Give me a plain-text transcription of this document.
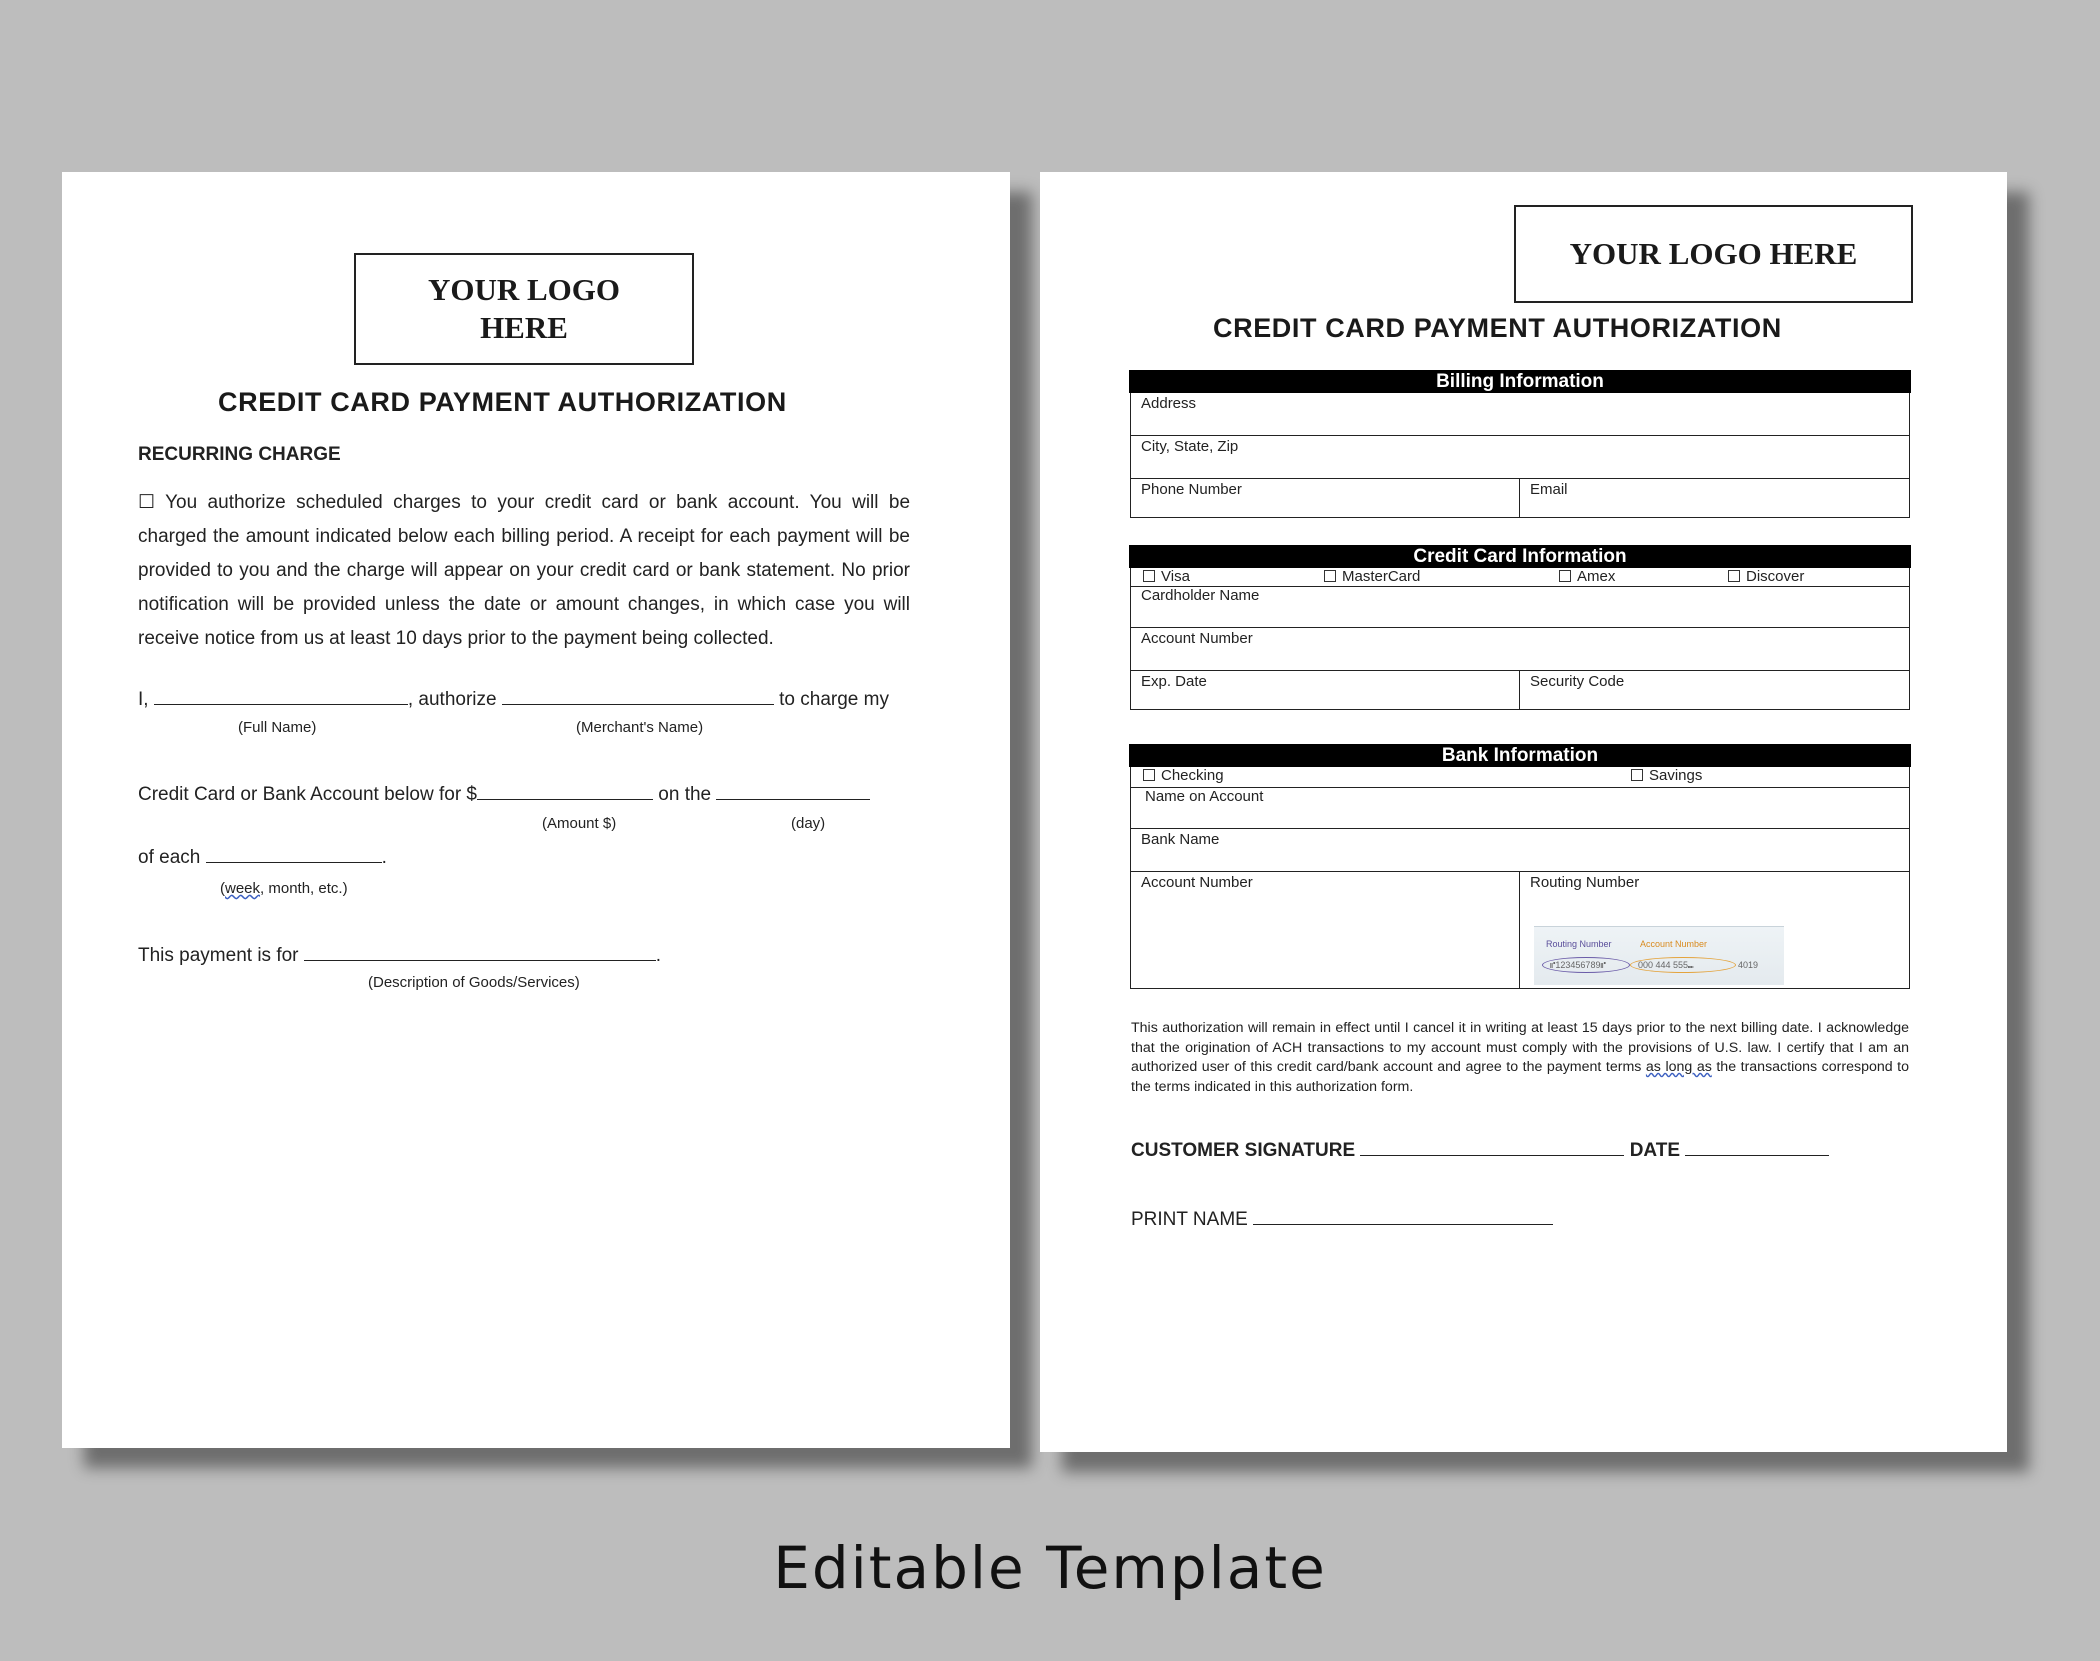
YOUR LOGO
HERE
CREDIT CARD PAYMENT AUTHORIZATION
RECURRING CHARGE
☐ You authorize scheduled charges to your credit card or bank account. You will be charged the amount indicated below each billing period. A receipt for each payment will be provided to you and the charge will appear on your credit card or bank statement. No prior notification will be provided unless the date or amount changes, in which case you will receive notice from us at least 10 days prior to the payment being collected.
I,	, authorize	to charge my
(Full Name)	(Merchant's Name)
Credit Card or Bank Account below for $	on the
(Amount $)	(day)
of each	.
(week, month, etc.)
This payment is for	.
(Description of Goods/Services)
YOUR LOGO HERE
CREDIT CARD PAYMENT AUTHORIZATION
Billing Information
Address
City, State, Zip
Phone Number	Email
Credit Card Information
Visa	MasterCard	Amex	Discover
Cardholder Name
Account Number
Exp. Date	Security Code
Bank Information
Checking	Savings
Name on Account
Bank Name
Account Number	Routing Number
Routing Number	Account Number
⑈123456789⑈	000 444 555⑉	4019
This authorization will remain in effect until I cancel it in writing at least 15 days prior to the next billing date. I acknowledge that the origination of ACH transactions to my account must comply with the provisions of U.S. law. I certify that I am an authorized user of this credit card/bank account and agree to the payment terms as long as the transactions correspond to the terms indicated in this authorization form.
CUSTOMER SIGNATURE	DATE
PRINT NAME
Editable Template
